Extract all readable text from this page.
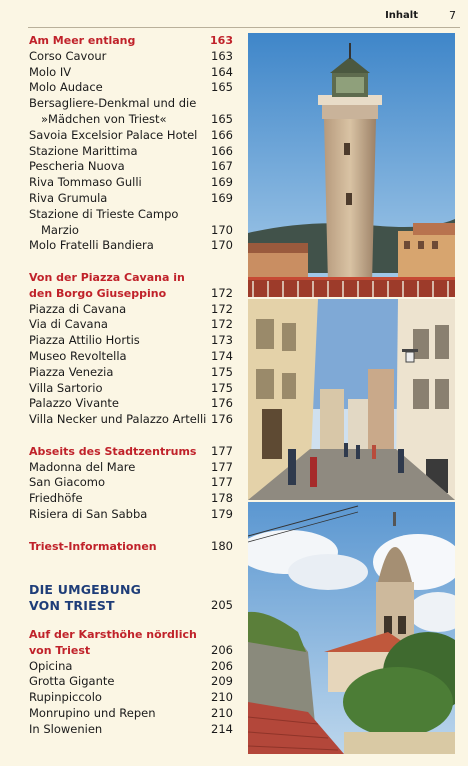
Inhalt	7
Am Meer entlang	163
Corso Cavour	163
Molo IV	164
Molo Audace	165
Bersagliere-Denkmal und die
»Mädchen von Triest«	165
Savoia Excelsior Palace Hotel 166
Stazione Marittima	166
Pescheria Nuova	167
Riva Tommaso Gulli	169
Riva Grumula	169
Stazione di Trieste Campo
Marzio	170
Molo Fratelli Bandiera	170
Von der Piazza Cavana in
den Borgo Giuseppino	172
Piazza di Cavana	172
Via di Cavana	172
Piazza Attilio Hortis	173
Museo Revoltella	174
Piazza Venezia	175
Villa Sartorio	175
Palazzo Vivante	176
Villa Necker und Palazzo Artelli 176
Abseits des Stadtzentrums 177
Madonna del Mare	177
San Giacomo	177
Friedhöfe	178
Risiera di San Sabba	179
Triest-Informationen	180
DIE UMGEBUNG
VON TRIEST	205
Auf der Karsthöhe nördlich
von Triest	206
Opicina	206
Grotta Gigante	209
Rupinpiccolo	210
Monrupino und Repen	210
In Slowenien	214
